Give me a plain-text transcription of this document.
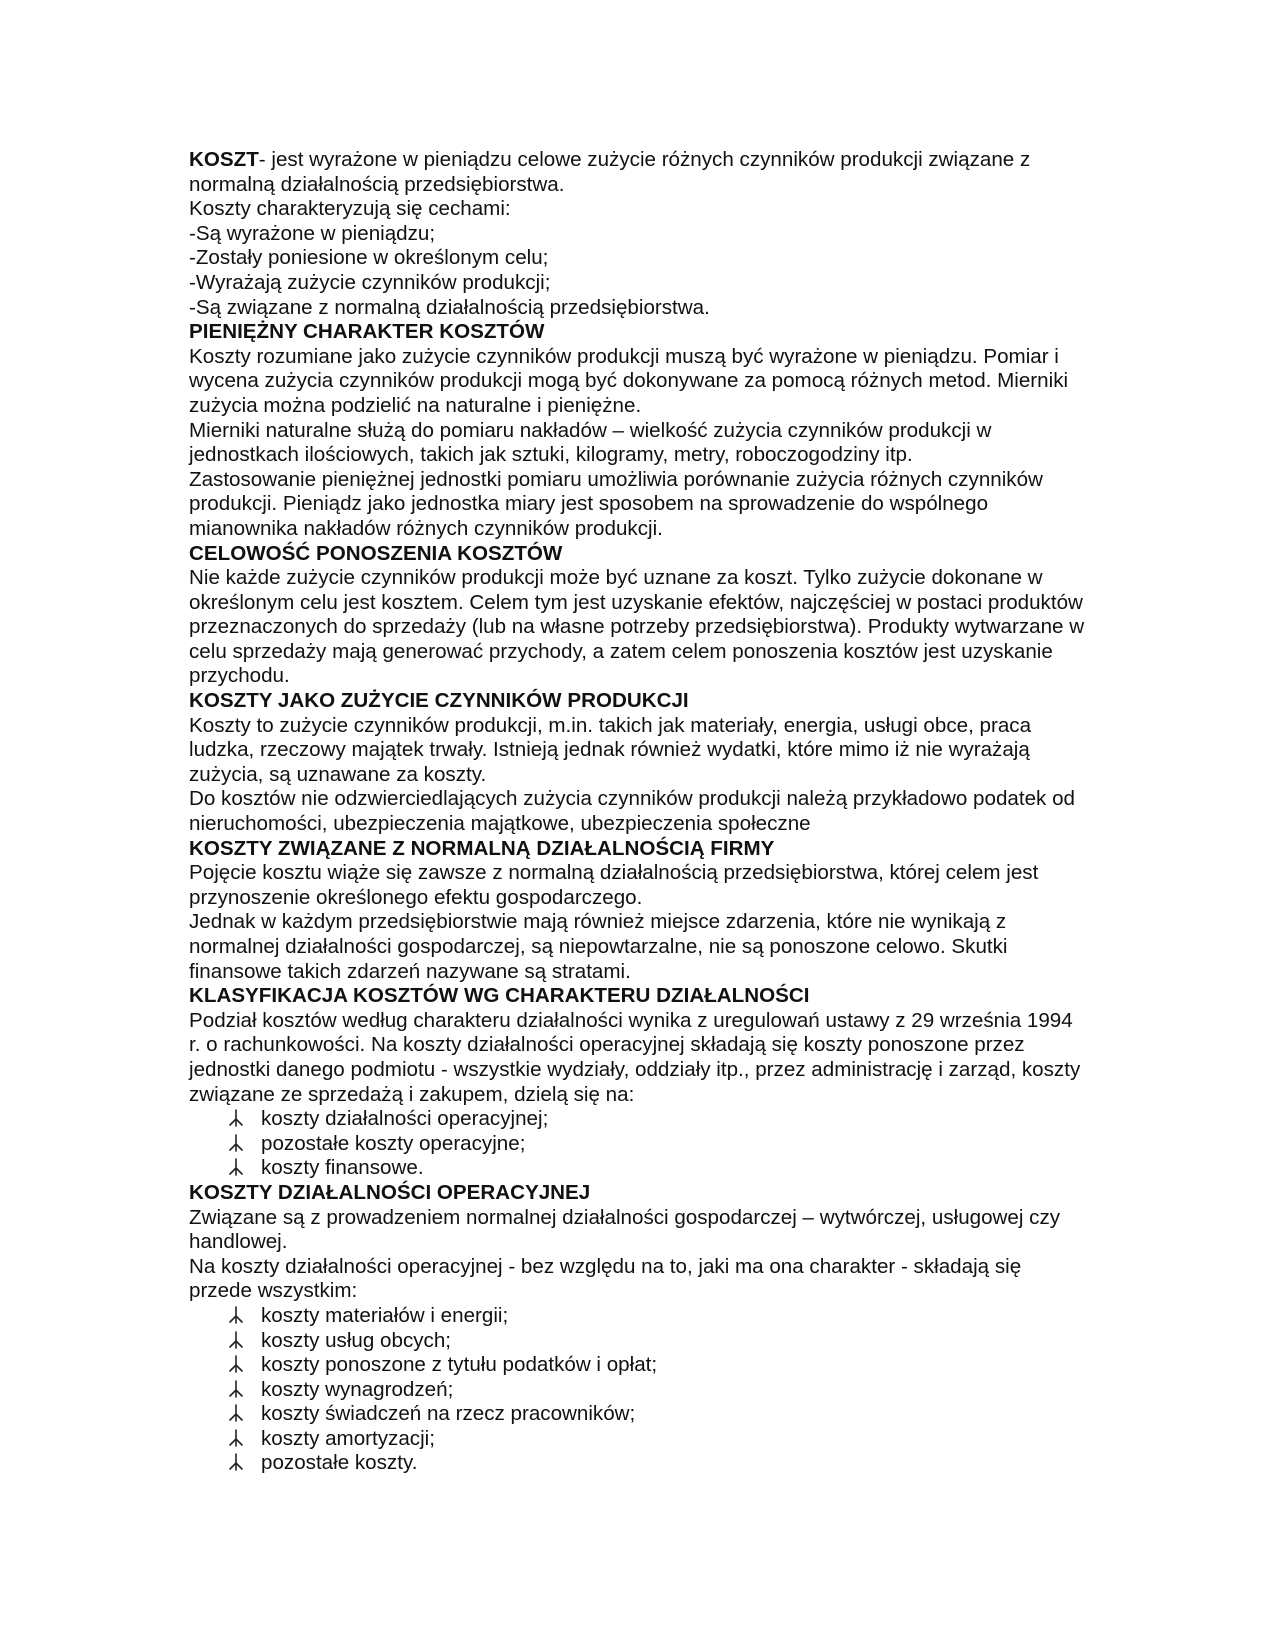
KOSZT- jest wyrażone w pieniądzu celowe zużycie różnych czynników produkcji związane z normalną działalnością przedsiębiorstwa.

Koszty charakteryzują się cechami:

-Są wyrażone w pieniądzu;

-Zostały poniesione w określonym celu;

-Wyrażają zużycie czynników produkcji;

-Są związane z normalną działalnością przedsiębiorstwa.

PIENIĘŻNY CHARAKTER KOSZTÓW

Koszty rozumiane jako zużycie czynników produkcji muszą być wyrażone w pieniądzu. Pomiar i wycena zużycia czynników produkcji mogą być dokonywane za pomocą różnych metod. Mierniki zużycia można podzielić na naturalne i pieniężne.

Mierniki naturalne służą do pomiaru nakładów – wielkość zużycia czynników produkcji w jednostkach ilościowych, takich jak sztuki, kilogramy, metry, roboczogodziny itp.

Zastosowanie pieniężnej jednostki pomiaru umożliwia porównanie zużycia różnych czynników produkcji. Pieniądz jako jednostka miary jest sposobem na sprowadzenie do wspólnego mianownika nakładów różnych czynników produkcji.

CELOWOŚĆ PONOSZENIA KOSZTÓW

Nie każde zużycie czynników produkcji może być uznane za koszt. Tylko zużycie dokonane w określonym celu jest kosztem. Celem tym jest uzyskanie efektów, najczęściej w postaci produktów przeznaczonych do sprzedaży (lub na własne potrzeby przedsiębiorstwa). Produkty wytwarzane w celu sprzedaży mają generować przychody, a zatem celem ponoszenia kosztów jest uzyskanie przychodu.

KOSZTY JAKO ZUŻYCIE CZYNNIKÓW PRODUKCJI

Koszty to zużycie czynników produkcji, m.in. takich jak materiały, energia, usługi obce, praca ludzka, rzeczowy majątek trwały. Istnieją jednak również wydatki, które mimo iż nie wyrażają zużycia, są uznawane za koszty.

Do kosztów nie odzwierciedlających zużycia czynników produkcji należą przykładowo podatek od nieruchomości, ubezpieczenia majątkowe, ubezpieczenia społeczne

KOSZTY ZWIĄZANE Z NORMALNĄ DZIAŁALNOŚCIĄ FIRMY

Pojęcie kosztu wiąże się zawsze z normalną działalnością przedsiębiorstwa, której celem jest przynoszenie określonego efektu gospodarczego.

Jednak w każdym przedsiębiorstwie mają również miejsce zdarzenia, które nie wynikają z normalnej działalności gospodarczej, są niepowtarzalne, nie są ponoszone celowo. Skutki finansowe takich zdarzeń nazywane są stratami.

KLASYFIKACJA KOSZTÓW WG CHARAKTERU DZIAŁALNOŚCI

Podział kosztów według charakteru działalności wynika z uregulowań ustawy z 29 września 1994 r. o rachunkowości. Na koszty działalności operacyjnej składają się koszty ponoszone przez jednostki danego podmiotu - wszystkie wydziały, oddziały itp., przez administrację i zarząd, koszty związane ze sprzedażą i zakupem, dzielą się na:

koszty działalności operacyjnej;
pozostałe koszty operacyjne;
koszty finansowe.

KOSZTY DZIAŁALNOŚCI OPERACYJNEJ

Związane są z prowadzeniem normalnej działalności gospodarczej – wytwórczej, usługowej czy handlowej.

Na koszty działalności operacyjnej - bez względu na to, jaki ma ona charakter - składają się przede wszystkim:

koszty materiałów i energii;
koszty usług obcych;
koszty ponoszone z tytułu podatków i opłat;
koszty wynagrodzeń;
koszty świadczeń na rzecz pracowników;
koszty amortyzacji;
pozostałe koszty.
